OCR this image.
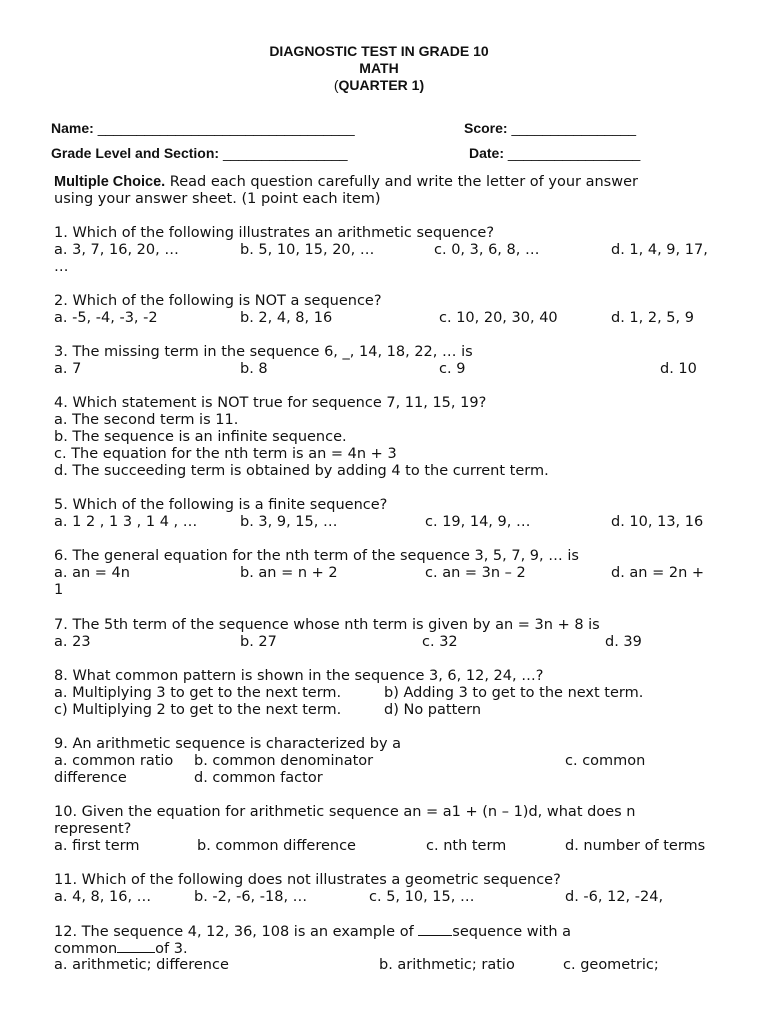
DIAGNOSTIC TEST IN GRADE 10
MATH
(QUARTER 1)
Name: _________________________________	Score: ________________
Grade Level and Section: ________________	Date: _________________
Multiple Choice. Read each question carefully and write the letter of your answer
using your answer sheet. (1 point each item)
1. Which of the following illustrates an arithmetic sequence?
a. 3, 7, 16, 20, …	b. 5, 10, 15, 20, …	c. 0, 3, 6, 8, …	d. 1, 4, 9, 17,
…
2. Which of the following is NOT a sequence?
a. -5, -4, -3, -2	b. 2, 4, 8, 16	c. 10, 20, 30, 40	d. 1, 2, 5, 9
3. The missing term in the sequence 6, _, 14, 18, 22, … is
a. 7	b. 8	c. 9	d. 10
4. Which statement is NOT true for sequence 7, 11, 15, 19?
a. The second term is 11.
b. The sequence is an infinite sequence.
c. The equation for the nth term is an = 4n + 3
d. The succeeding term is obtained by adding 4 to the current term.
5. Which of the following is a finite sequence?
a. 1 2 , 1 3 , 1 4 , …	b. 3, 9, 15, …	c. 19, 14, 9, …	d. 10, 13, 16
6. The general equation for the nth term of the sequence 3, 5, 7, 9, … is
a. an = 4n	b. an = n + 2	c. an = 3n – 2	d. an = 2n +
1
7. The 5th term of the sequence whose nth term is given by an = 3n + 8 is
a. 23	b. 27	c. 32	d. 39
8. What common pattern is shown in the sequence 3, 6, 12, 24, …?
a. Multiplying 3 to get to the next term.	b) Adding 3 to get to the next term.
c) Multiplying 2 to get to the next term.	d) No pattern
9. An arithmetic sequence is characterized by a
a. common ratio b. common denominator	c. common
difference	d. common factor
10. Given the equation for arithmetic sequence an = a1 + (n – 1)d, what does n
represent?
a. first term	b. common difference	c. nth term	d. number of terms
11. Which of the following does not illustrates a geometric sequence?
a. 4, 8, 16, …	b. -2, -6, -18, …	c. 5, 10, 15, …	d. -6, 12, -24,
12. The sequence 4, 12, 36, 108 is an example of sequence with a
common	of 3.
a. arithmetic; difference	b. arithmetic; ratio	c. geometric;
